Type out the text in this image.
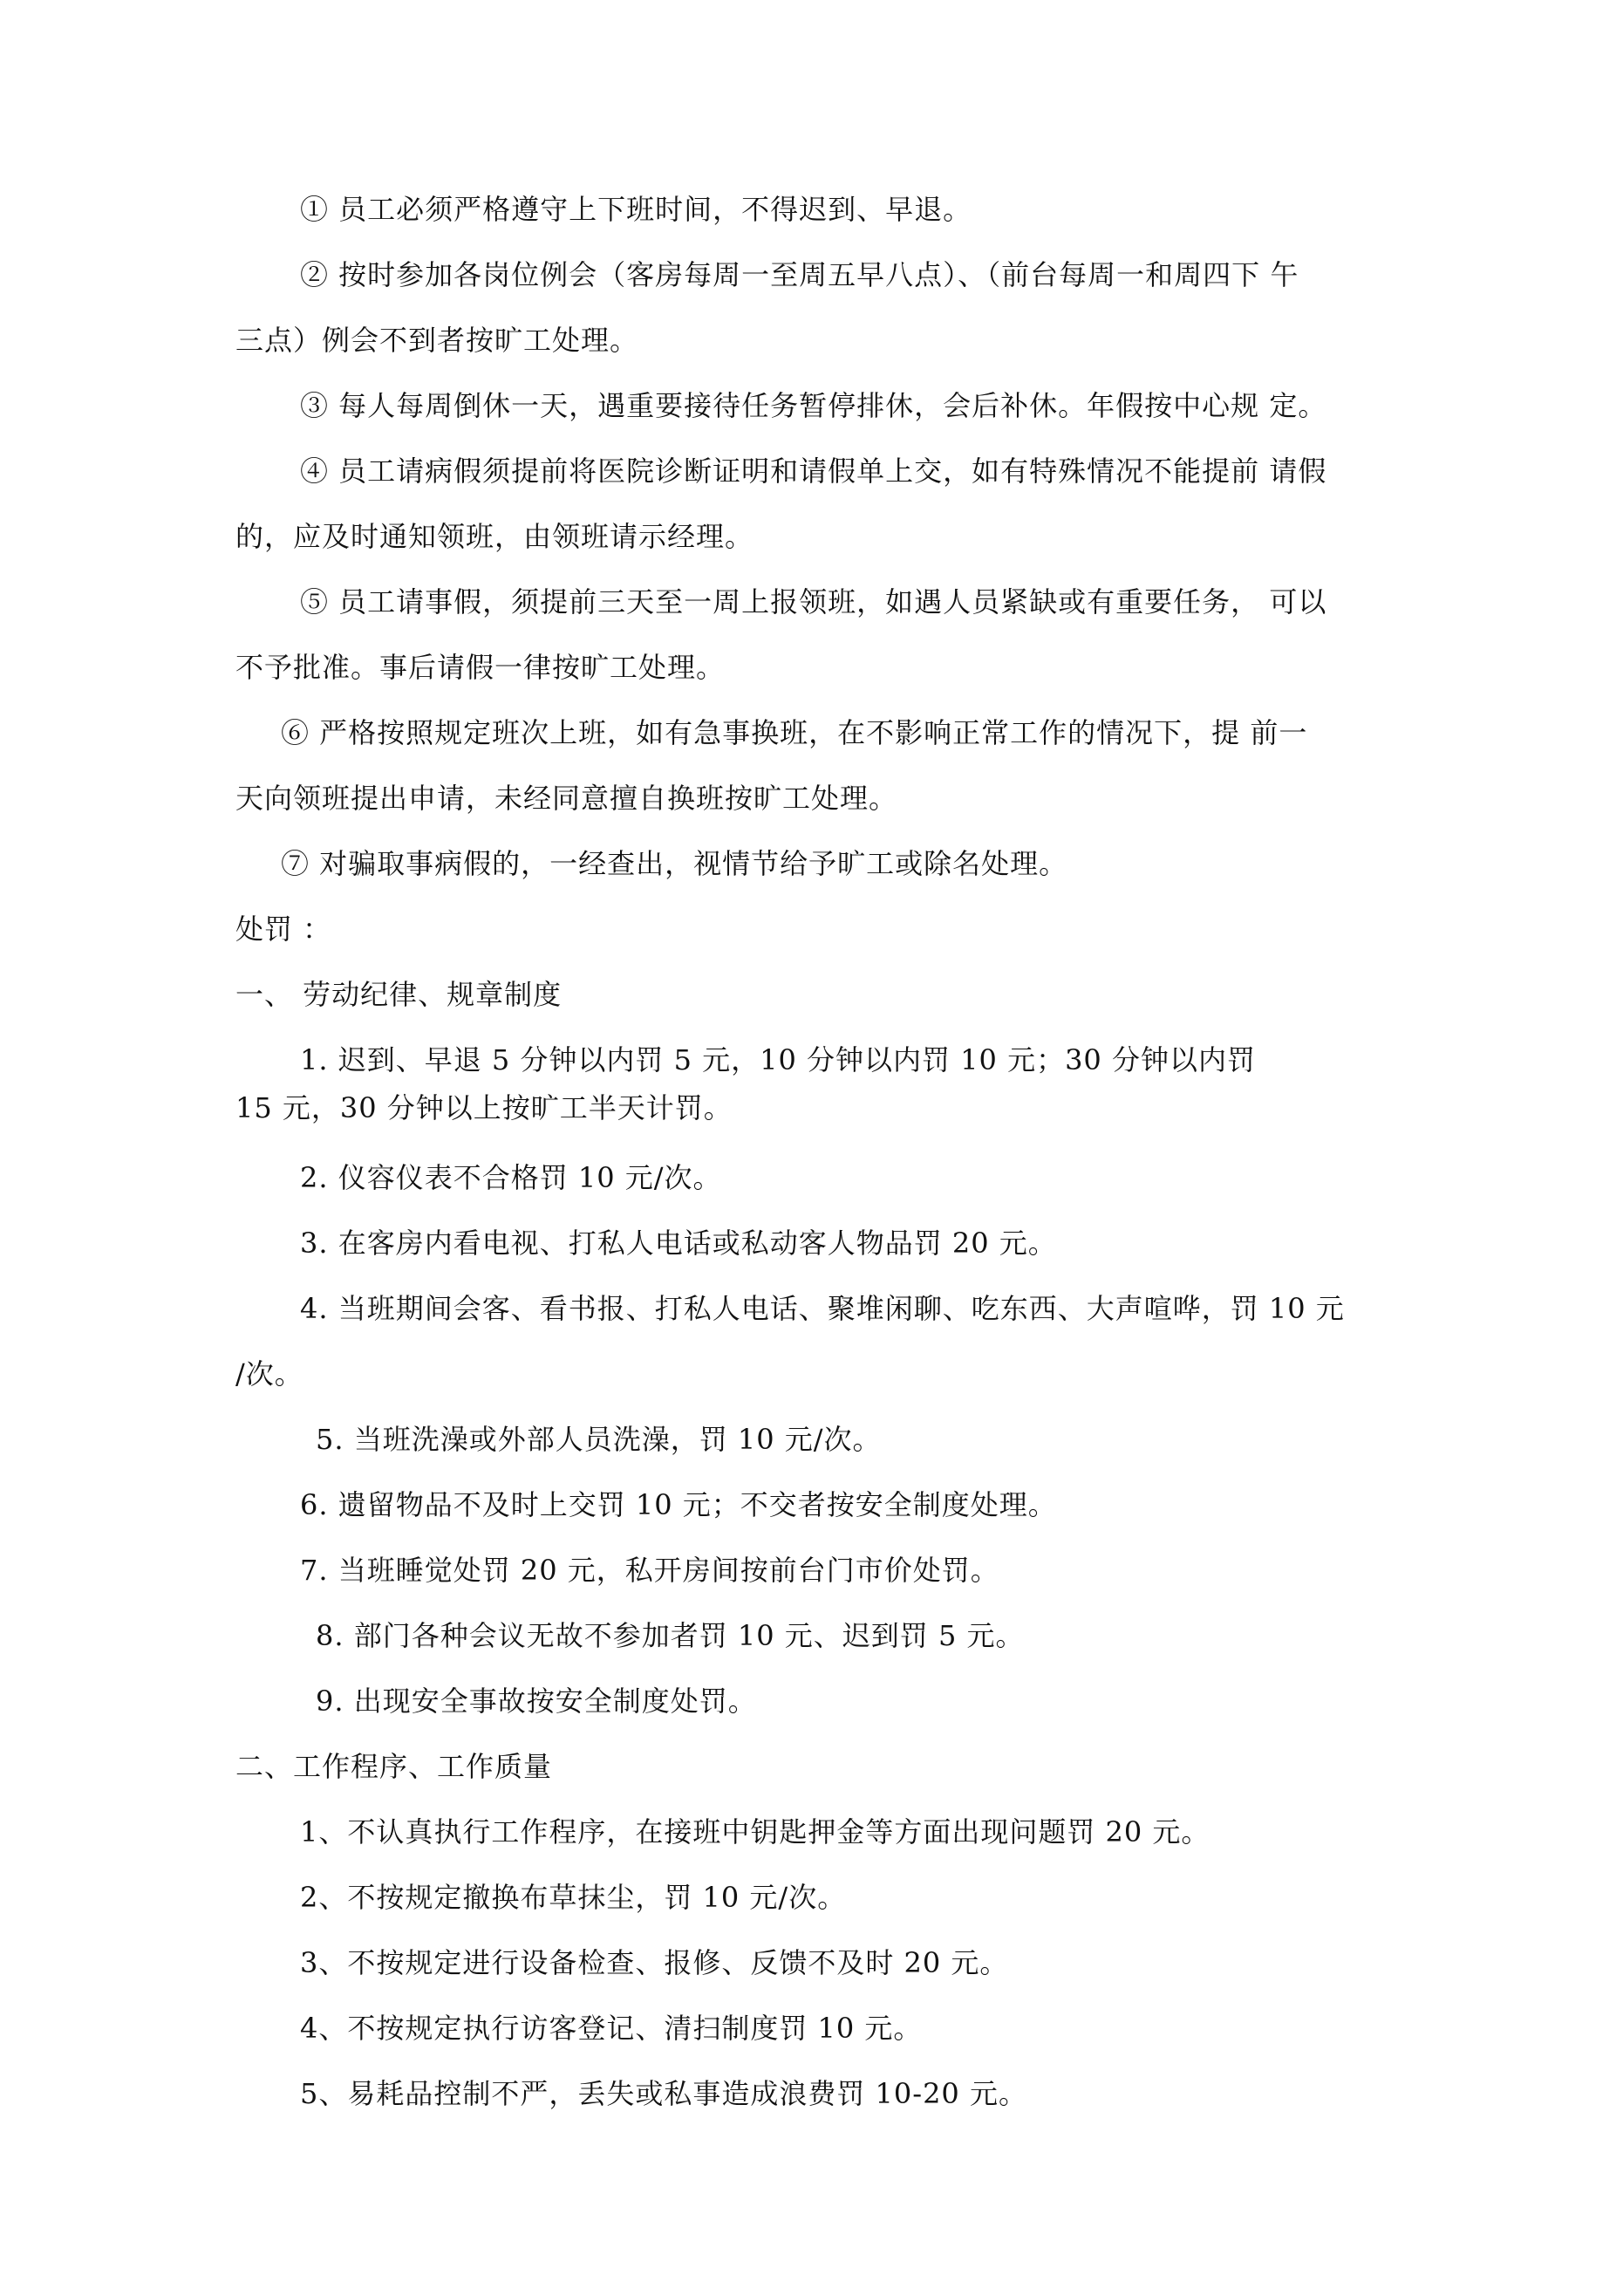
① 员工必须严格遵守上下班时间，不得迟到、早退。
② 按时参加各岗位例会（客房每周一至周五早八点）、（前台每周一和周四下 午
三点）例会不到者按旷工处理。
③ 每人每周倒休一天，遇重要接待任务暂停排休，会后补休。年假按中心规 定。
④ 员工请病假须提前将医院诊断证明和请假单上交，如有特殊情况不能提前 请假
的，应及时通知领班，由领班请示经理。
⑤ 员工请事假，须提前三天至一周上报领班，如遇人员紧缺或有重要任务， 可以
不予批准。事后请假一律按旷工处理。
⑥ 严格按照规定班次上班，如有急事换班，在不影响正常工作的情况下，提 前一
天向领班提出申请，未经同意擅自换班按旷工处理。
⑦ 对骗取事病假的，一经查出，视情节给予旷工或除名处理。
处罚 ：
一、 劳动纪律、规章制度
1. 迟到、早退 5 分钟以内罚 5 元，10 分钟以内罚 10 元；30 分钟以内罚
15 元，30 分钟以上按旷工半天计罚。
2. 仪容仪表不合格罚 10 元/次。
3. 在客房内看电视、打私人电话或私动客人物品罚 20 元。
4. 当班期间会客、看书报、打私人电话、聚堆闲聊、吃东西、大声喧哗，罚 10 元
/次。
5. 当班洗澡或外部人员洗澡，罚 10 元/次。
6. 遗留物品不及时上交罚 10 元；不交者按安全制度处理。
7. 当班睡觉处罚 20 元，私开房间按前台门市价处罚。
8. 部门各种会议无故不参加者罚 10 元、迟到罚 5 元。
9. 出现安全事故按安全制度处罚。
二、工作程序、工作质量
1、不认真执行工作程序，在接班中钥匙押金等方面出现问题罚 20 元。
2、不按规定撤换布草抹尘，罚 10 元/次。
3、不按规定进行设备检查、报修、反馈不及时 20 元。
4、不按规定执行访客登记、清扫制度罚 10 元。
5、易耗品控制不严，丢失或私事造成浪费罚 10-20 元。
